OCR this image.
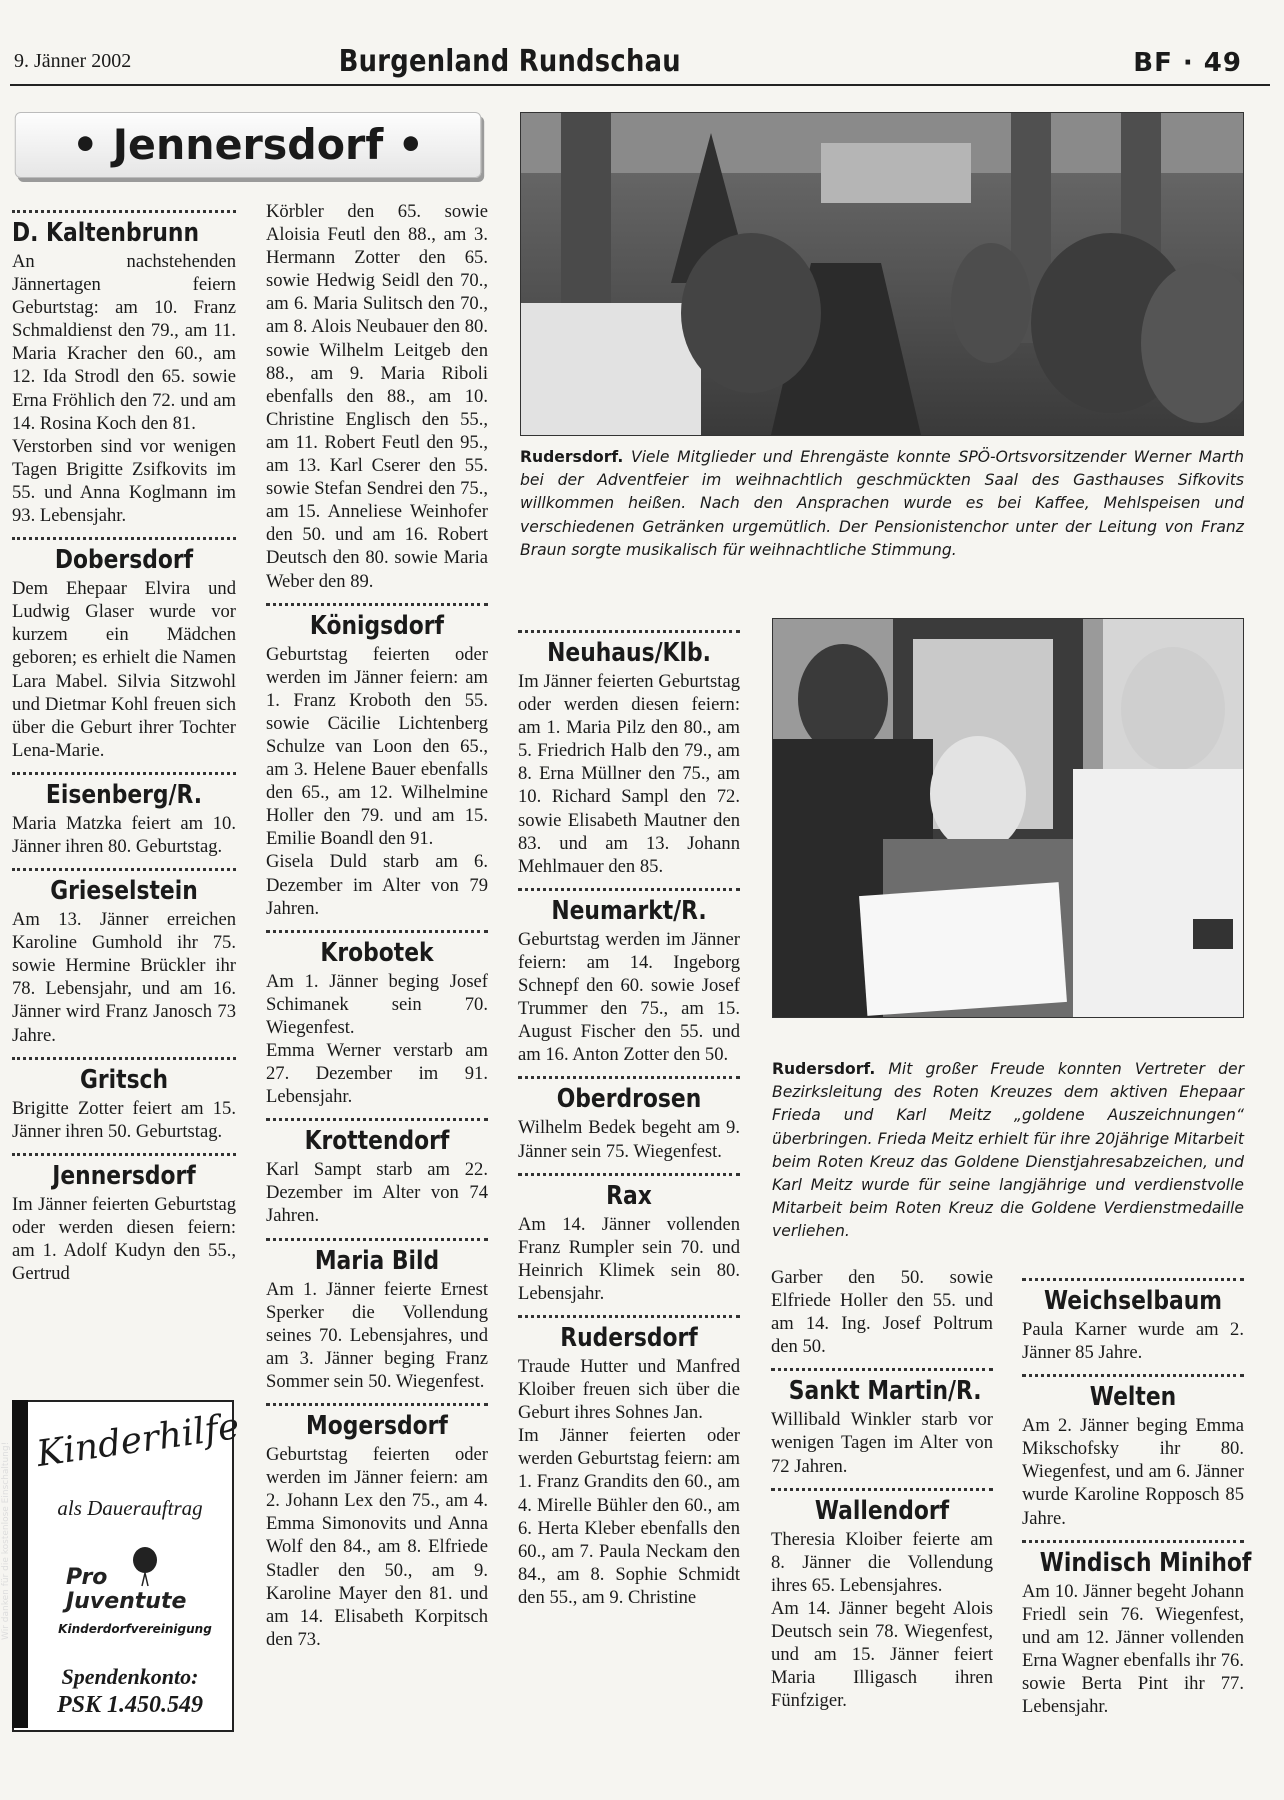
9. Jänner 2002	Burgenland Rundschau	BF · 49
• Jennersdorf •
D. Kaltenbrunn

An nachstehenden Jännertagen feiern Geburtstag: am 10. Franz Schmaldienst den 79., am 11. Maria Kracher den 60., am 12. Ida Strodl den 65. sowie Erna Fröhlich den 72. und am 14. Rosina Koch den 81.

Verstorben sind vor wenigen Tagen Brigitte Zsifkovits im 55. und Anna Koglmann im 93. Lebensjahr.

Dobersdorf

Dem Ehepaar Elvira und Ludwig Glaser wurde vor kurzem ein Mädchen geboren; es erhielt die Namen Lara Mabel. Silvia Sitzwohl und Dietmar Kohl freuen sich über die Geburt ihrer Tochter Lena-Marie.

Eisenberg/R.

Maria Matzka feiert am 10. Jänner ihren 80. Geburtstag.

Grieselstein

Am 13. Jänner erreichen Karoline Gumhold ihr 75. sowie Hermine Brückler ihr 78. Lebensjahr, und am 16. Jänner wird Franz Janosch 73 Jahre.

Gritsch

Brigitte Zotter feiert am 15. Jänner ihren 50. Geburtstag.

Jennersdorf

Im Jänner feierten Geburtstag oder werden diesen feiern: am 1. Adolf Kudyn den 55., Gertrud

Wir danken für die kostenlose Einschaltung!
Kinderhilfe
als Dauerauftrag
Pro
Juventute
Kinderdorfvereinigung
Spendenkonto:
PSK 1.450.549

Körbler den 65. sowie Aloisia Feutl den 88., am 3. Hermann Zotter den 65. sowie Hedwig Seidl den 70., am 6. Maria Sulitsch den 70., am 8. Alois Neubauer den 80. sowie Wilhelm Leitgeb den 88., am 9. Maria Riboli ebenfalls den 88., am 10. Christine Englisch den 55., am 11. Robert Feutl den 95., am 13. Karl Cserer den 55. sowie Stefan Sendrei den 75., am 15. Anneliese Weinhofer den 50. und am 16. Robert Deutsch den 80. sowie Maria Weber den 89.

Königsdorf

Geburtstag feierten oder werden im Jänner feiern: am 1. Franz Kroboth den 55. sowie Cäcilie Lichtenberg Schulze van Loon den 65., am 3. Helene Bauer ebenfalls den 65., am 12. Wilhelmine Holler den 79. und am 15. Emilie Boandl den 91.

Gisela Duld starb am 6. Dezember im Alter von 79 Jahren.

Krobotek

Am 1. Jänner beging Josef Schimanek sein 70. Wiegenfest.

Emma Werner verstarb am 27. Dezember im 91. Lebensjahr.

Krottendorf

Karl Sampt starb am 22. Dezember im Alter von 74 Jahren.

Maria Bild

Am 1. Jänner feierte Ernest Sperker die Vollendung seines 70. Lebensjahres, und am 3. Jänner beging Franz Sommer sein 50. Wiegenfest.

Mogersdorf

Geburtstag feierten oder werden im Jänner feiern: am 2. Johann Lex den 75., am 4. Emma Simonovits und Anna Wolf den 84., am 8. Elfriede Stadler den 50., am 9. Karoline Mayer den 81. und am 14. Elisabeth Korpitsch den 73.

Rudersdorf. Viele Mitglieder und Ehrengäste konnte SPÖ-Ortsvorsitzender Werner Marth bei der Adventfeier im weihnachtlich geschmückten Saal des Gasthauses Sifkovits willkommen heißen. Nach den Ansprachen wurde es bei Kaffee, Mehlspeisen und verschiedenen Getränken urgemütlich. Der Pensionistenchor unter der Leitung von Franz Braun sorgte musikalisch für weihnachtliche Stimmung.
Neuhaus/Klb.

Im Jänner feierten Geburtstag oder werden diesen feiern: am 1. Maria Pilz den 80., am 5. Friedrich Halb den 79., am 8. Erna Müllner den 75., am 10. Richard Sampl den 72. sowie Elisabeth Mautner den 83. und am 13. Johann Mehlmauer den 85.

Neumarkt/R.

Geburtstag werden im Jänner feiern: am 14. Ingeborg Schnepf den 60. sowie Josef Trummer den 75., am 15. August Fischer den 55. und am 16. Anton Zotter den 50.

Oberdrosen

Wilhelm Bedek begeht am 9. Jänner sein 75. Wiegenfest.

Rax

Am 14. Jänner vollenden Franz Rumpler sein 70. und Heinrich Klimek sein 80. Lebensjahr.

Rudersdorf

Traude Hutter und Manfred Kloiber freuen sich über die Geburt ihres Sohnes Jan.

Im Jänner feierten oder werden Geburtstag feiern: am 1. Franz Grandits den 60., am 4. Mirelle Bühler den 60., am 6. Herta Kleber ebenfalls den 60., am 7. Paula Neckam den 84., am 8. Sophie Schmidt den 55., am 9. Christine

Rudersdorf. Mit großer Freude konnten Vertreter der Bezirksleitung des Roten Kreuzes dem aktiven Ehepaar Frieda und Karl Meitz „goldene Auszeichnungen“ überbringen. Frieda Meitz erhielt für ihre 20jährige Mitarbeit beim Roten Kreuz das Goldene Dienstjahresabzeichen, und Karl Meitz wurde für seine langjährige und verdienstvolle Mitarbeit beim Roten Kreuz die Goldene Verdienstmedaille verliehen.

Garber den 50. sowie Elfriede Holler den 55. und am 14. Ing. Josef Poltrum den 50.

Sankt Martin/R.

Willibald Winkler starb vor wenigen Tagen im Alter von 72 Jahren.

Wallendorf

Theresia Kloiber feierte am 8. Jänner die Vollendung ihres 65. Lebensjahres.

Am 14. Jänner begeht Alois Deutsch sein 78. Wiegenfest, und am 15. Jänner feiert Maria Illigasch ihren Fünfziger.

Weichselbaum

Paula Karner wurde am 2. Jänner 85 Jahre.

Welten

Am 2. Jänner beging Emma Mikschofsky ihr 80. Wiegenfest, und am 6. Jänner wurde Karoline Ropposch 85 Jahre.

Windisch Minihof

Am 10. Jänner begeht Johann Friedl sein 76. Wiegenfest, und am 12. Jänner vollenden Erna Wagner ebenfalls ihr 76. sowie Berta Pint ihr 77. Lebensjahr.
